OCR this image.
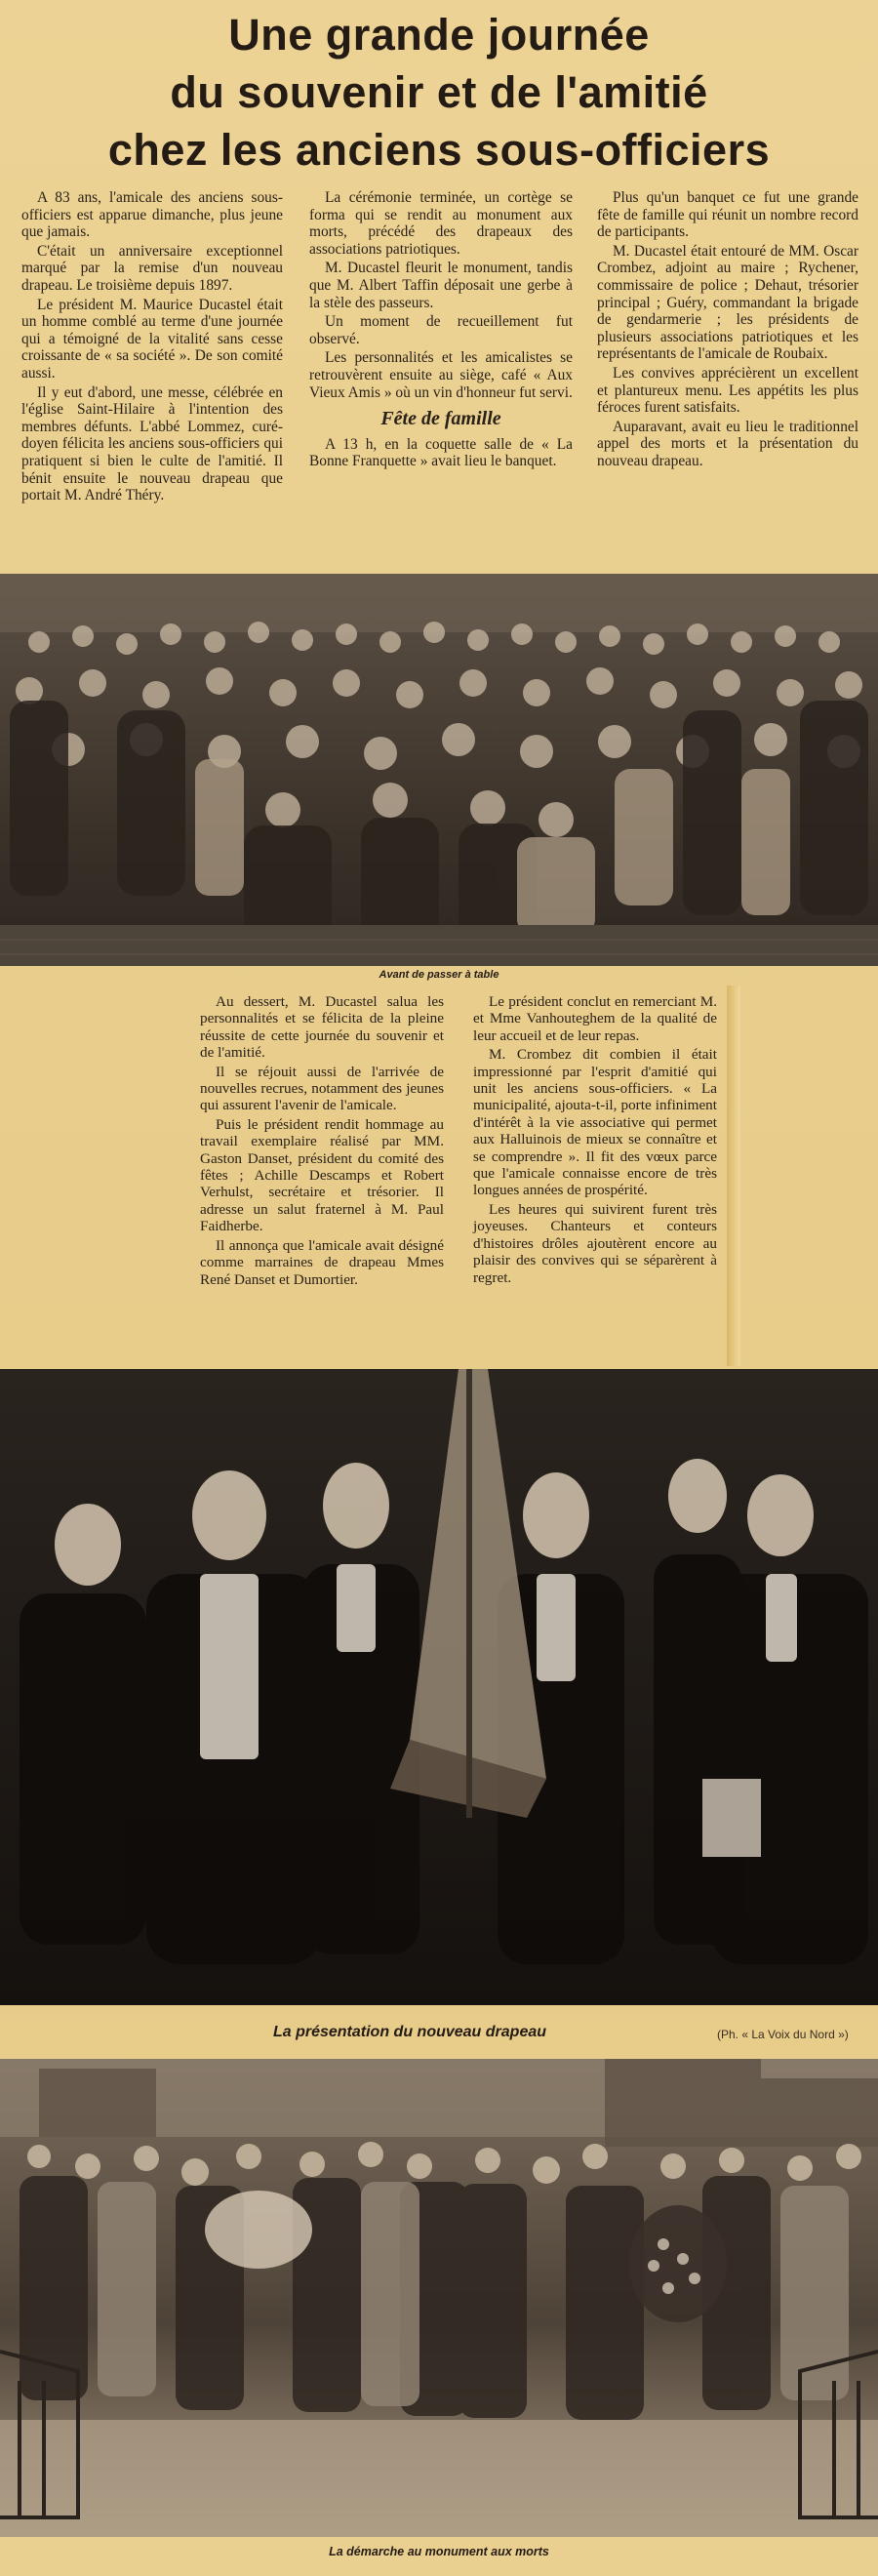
Une grande journée
du souvenir et de l'amitié
chez les anciens sous-officiers

A 83 ans, l'amicale des anciens sous-officiers est apparue dimanche, plus jeune que jamais.

C'était un anniversaire exceptionnel marqué par la remise d'un nouveau drapeau. Le troisième depuis 1897.

Le président M. Maurice Ducastel était un homme comblé au terme d'une journée qui a témoigné de la vitalité sans cesse croissante de « sa société ». De son comité aussi.

Il y eut d'abord, une messe, célébrée en l'église Saint-Hilaire à l'intention des membres défunts. L'abbé Lommez, curé-doyen félicita les anciens sous-officiers qui pratiquent si bien le culte de l'amitié. Il bénit ensuite le nouveau drapeau que portait M. André Théry.

La cérémonie terminée, un cortège se forma qui se rendit au monument aux morts, précédé des drapeaux des associations patriotiques.

M. Ducastel fleurit le monument, tandis que M. Albert Taffin déposait une gerbe à la stèle des passeurs.

Un moment de recueillement fut observé.

Les personnalités et les amicalistes se retrouvèrent ensuite au siège, café « Aux Vieux Amis » où un vin d'honneur fut servi.

Fête de famille

A 13 h, en la coquette salle de « La Bonne Franquette » avait lieu le banquet.

Plus qu'un banquet ce fut une grande fête de famille qui réunit un nombre record de participants.

M. Ducastel était entouré de MM. Oscar Crombez, adjoint au maire ; Rychener, commissaire de police ; Dehaut, trésorier principal ; Guéry, commandant la brigade de gendarmerie ; les présidents de plusieurs associations patriotiques et les représentants de l'amicale de Roubaix.

Les convives apprécièrent un excellent et plantureux menu. Les appétits les plus féroces furent satisfaits.

Auparavant, avait eu lieu le traditionnel appel des morts et la présentation du nouveau drapeau.

Avant de passer à table

Au dessert, M. Ducastel salua les personnalités et se félicita de la pleine réussite de cette journée du souvenir et de l'amitié.

Il se réjouit aussi de l'arrivée de nouvelles recrues, notamment des jeunes qui assurent l'avenir de l'amicale.

Puis le président rendit hommage au travail exemplaire réalisé par MM. Gaston Danset, président du comité des fêtes ; Achille Descamps et Robert Verhulst, secrétaire et trésorier. Il adresse un salut fraternel à M. Paul Faidherbe.

Il annonça que l'amicale avait désigné comme marraines de drapeau Mmes René Danset et Dumortier.

Le président conclut en remerciant M. et Mme Vanhouteghem de la qualité de leur accueil et de leur repas.

M. Crombez dit combien il était impressionné par l'esprit d'amitié qui unit les anciens sous-officiers. « La municipalité, ajouta-t-il, porte infiniment d'intérêt à la vie associative qui permet aux Halluinois de mieux se connaître et se comprendre ». Il fit des vœux parce que l'amicale connaisse encore de très longues années de prospérité.

Les heures qui suivirent furent très joyeuses. Chanteurs et conteurs d'histoires drôles ajoutèrent encore au plaisir des convives qui se séparèrent à regret.

La présentation du nouveau drapeau	(Ph. « La Voix du Nord »)
La démarche au monument aux morts
